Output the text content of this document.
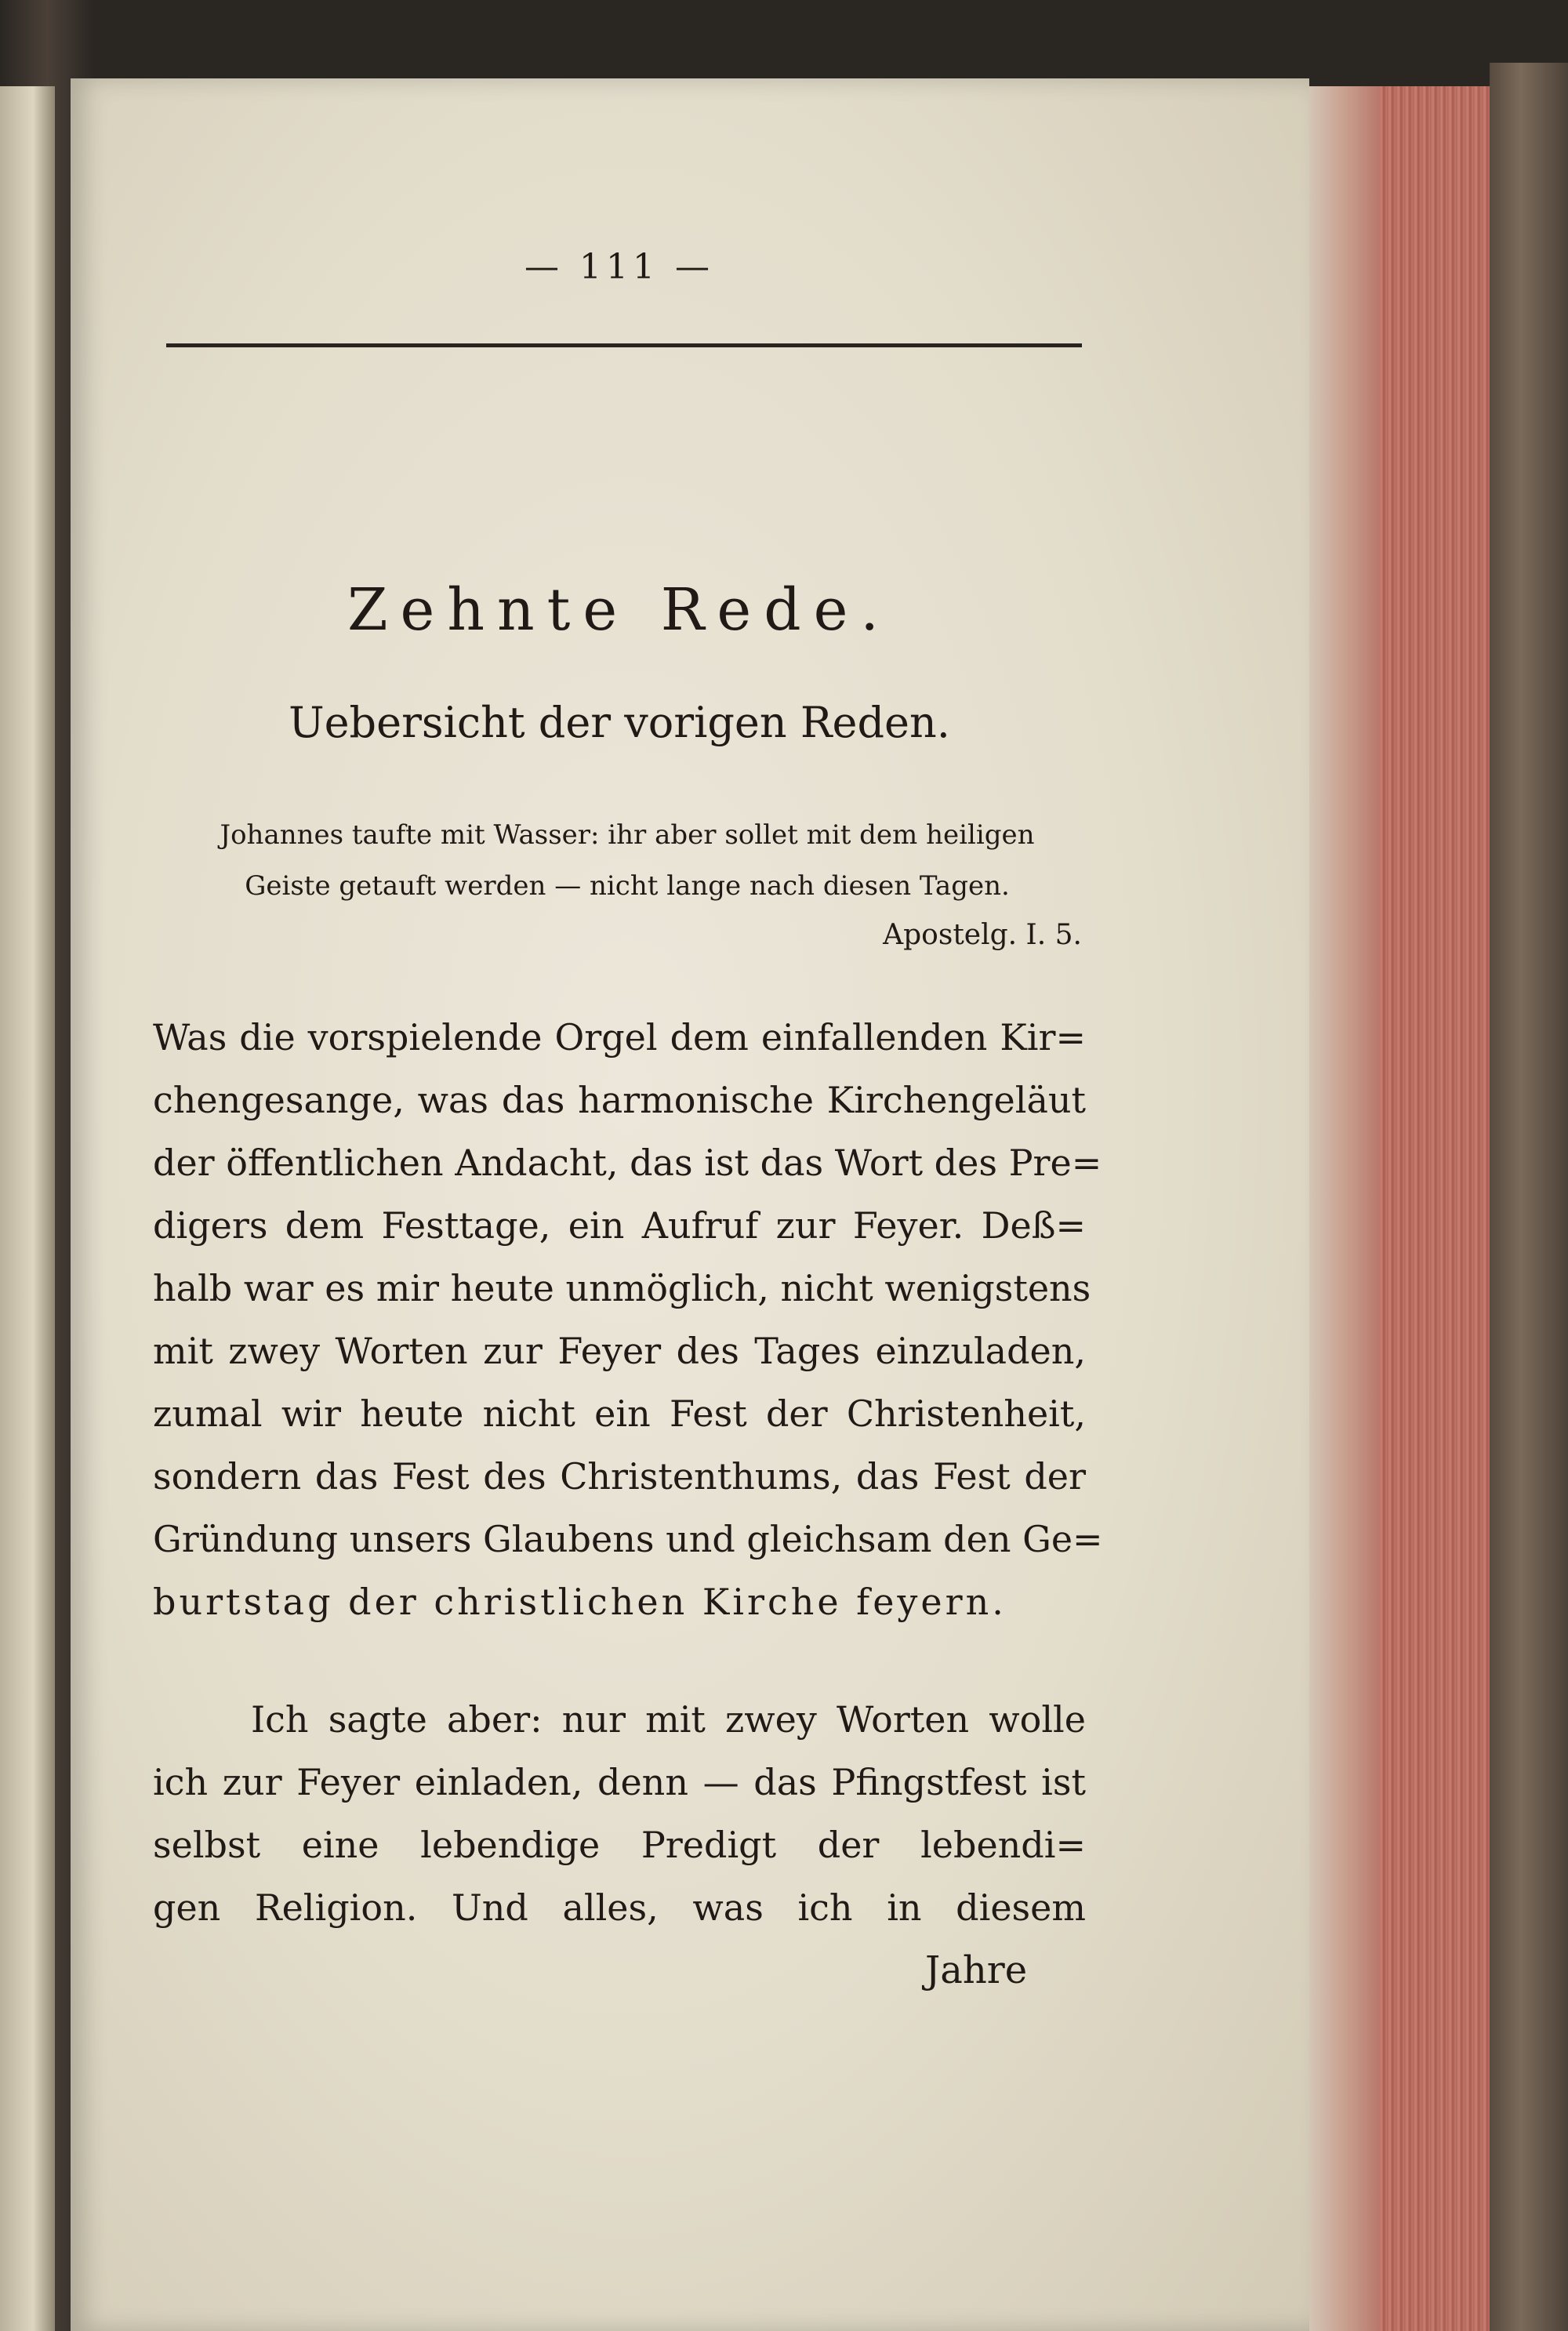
— 111 —
Zehnte Rede.
Uebersicht der vorigen Reden.
Johannes taufte mit Wasser: ihr aber sollet mit dem heiligen
Geiste getauft werden — nicht lange nach diesen Tagen.
Apostelg. I. 5.
Was die vorspielende Orgel dem einfallenden Kir=
chengesange, was das harmonische Kirchengeläut
der öffentlichen Andacht, das ist das Wort des Pre=
digers dem Festtage, ein Aufruf zur Feyer. Deß=
halb war es mir heute unmöglich, nicht wenigstens
mit zwey Worten zur Feyer des Tages einzuladen,
zumal wir heute nicht ein Fest der Christenheit,
sondern das Fest des Christenthums, das Fest der
Gründung unsers Glaubens und gleichsam den Ge=
burtstag der christlichen Kirche feyern.
Ich sagte aber: nur mit zwey Worten wolle
ich zur Feyer einladen, denn — das Pfingstfest ist
selbst eine lebendige Predigt der lebendi=
gen Religion. Und alles, was ich in diesem
Jahre
